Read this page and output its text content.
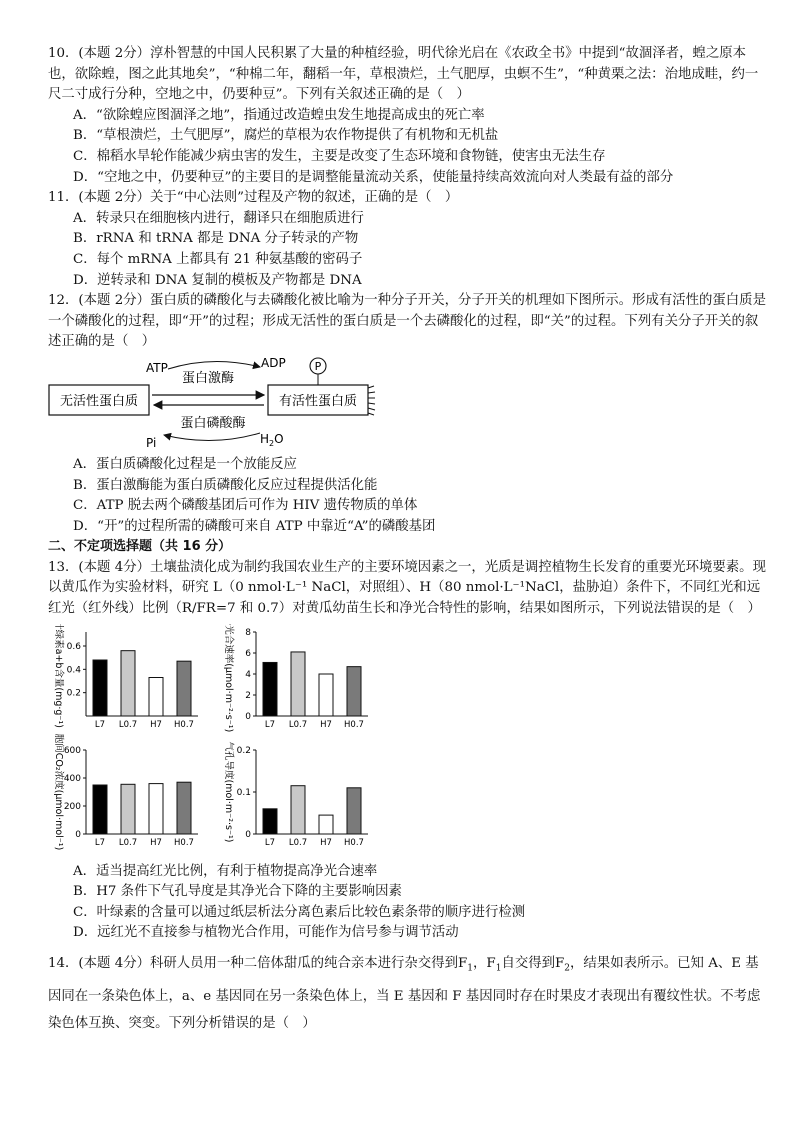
10．(本题 2分）淳朴智慧的中国人民积累了大量的种植经验，明代徐光启在《农政全书》中提到“故涸泽者，蝗之原本也，欲除蝗，图之此其地矣”，“种棉二年，翻稻一年，草根溃烂，土气肥厚，虫螟不生”，“种黄栗之法：治地成畦，约一尺二寸成行分种，空地之中，仍要种豆”。下列有关叙述正确的是（　）

A．“欲除蝗应图涸泽之地”，指通过改造蝗虫发生地提高成虫的死亡率

B．“草根溃烂，土气肥厚”，腐烂的草根为农作物提供了有机物和无机盐

C．棉稻水旱轮作能减少病虫害的发生，主要是改变了生态环境和食物链，使害虫无法生存

D．“空地之中，仍要种豆”的主要目的是调整能量流动关系，使能量持续高效流向对人类最有益的部分

11．(本题 2分）关于“中心法则”过程及产物的叙述，正确的是（　）

A．转录只在细胞核内进行，翻译只在细胞质进行

B．rRNA 和 tRNA 都是 DNA 分子转录的产物

C．每个 mRNA 上都具有 21 种氨基酸的密码子

D．逆转录和 DNA 复制的模板及产物都是 DNA

12．(本题 2分）蛋白质的磷酸化与去磷酸化被比喻为一种分子开关，分子开关的机理如下图所示。形成有活性的蛋白质是一个磷酸化的过程，即“开”的过程；形成无活性的蛋白质是一个去磷酸化的过程，即“关”的过程。下列有关分子开关的叙述正确的是（　）

无活性蛋白质	有活性蛋白质
P
ATP	ADP
蛋白激酶
蛋白磷酸酶
Pi	$H_2O$

A．蛋白质磷酸化过程是一个放能反应

B．蛋白激酶能为蛋白质磷酸化反应过程提供活化能

C．ATP 脱去两个磷酸基团后可作为 HIV 遗传物质的单体

D．“开”的过程所需的磷酸可来自 ATP 中靠近“A”的磷酸基团

二、不定项选择题（共 16 分）

13．(本题 4分）土壤盐渍化成为制约我国农业生产的主要环境因素之一，光质是调控植物生长发育的重要光环境要素。现以黄瓜作为实验材料，研究 L（0 nmol·L⁻¹ NaCl，对照组）、H（80 nmol·L⁻¹NaCl，盐胁迫）条件下，不同红光和远红光（红外线）比例（R/FR=7 和 0.7）对黄瓜幼苗生长和净光合特性的影响，结果如图所示，下列说法错误的是（　）

叶绿素a+b含量(mg·g⁻¹) 0.2
0.4
0.6
L7 L0.7 H7 H0.7	净光合速率(μmol·m⁻²·s⁻¹) 0
2
4
6
8
L7 L0.7 H7 H0.7
胞间CO₂浓度(μmol·mol⁻¹) 0
200
400
600
L7 L0.7 H7 H0.7
气孔导度(mol·m⁻²·s⁻¹) 0
0.1
0.2
L7 L0.7 H7 H0.7

A．适当提高红光比例，有利于植物提高净光合速率

B．H7 条件下气孔导度是其净光合下降的主要影响因素

C．叶绿素的含量可以通过纸层析法分离色素后比较色素条带的顺序进行检测

D．远红光不直接参与植物光合作用，可能作为信号参与调节活动

14．(本题 4分）科研人员用一种二倍体甜瓜的纯合亲本进行杂交得到$F_1$，$F_1$自交得到$F_2$，结果如表所示。已知 A、E 基因同在一条染色体上，a、e 基因同在另一条染色体上，当 E 基因和 F 基因同时存在时果皮才表现出有覆纹性状。不考虑染色体互换、突变。下列分析错误的是（　）
